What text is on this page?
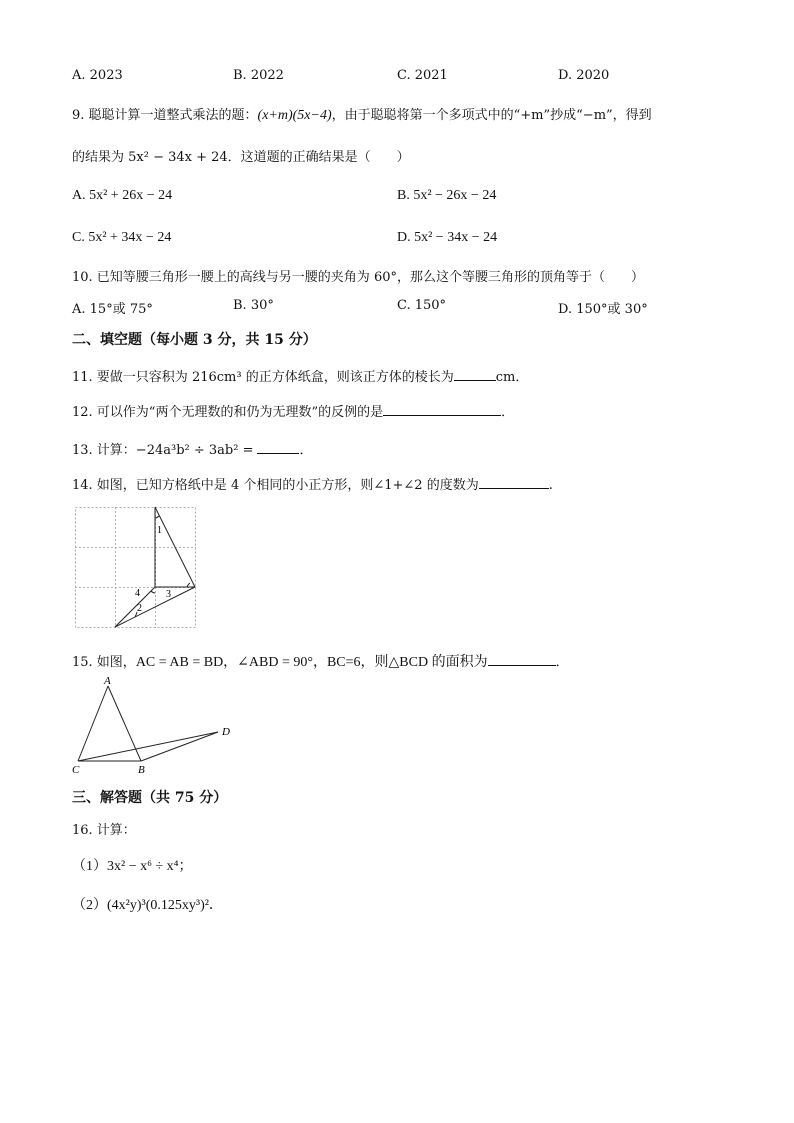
A. 2023	B. 2022	C. 2021	D. 2020
9. 聪聪计算一道整式乘法的题：(x+m)(5x−4)，由于聪聪将第一个多项式中的“+m”抄成“−m”，得到
的结果为 5x² − 34x + 24．这道题的正确结果是（　　）
A. 5x² + 26x − 24	B. 5x² − 26x − 24
C. 5x² + 34x − 24	D. 5x² − 34x − 24
10. 已知等腰三角形一腰上的高线与另一腰的夹角为 60°，那么这个等腰三角形的顶角等于（　　）
A. 15°或 75°	B. 30°	C. 150°	D. 150°或 30°
二、填空题（每小题 3 分，共 15 分）
11. 要做一只容积为 216cm³ 的正方体纸盒，则该正方体的棱长为	cm．
12. 可以作为“两个无理数的和仍为无理数”的反例的是	．
13. 计算：−24a³b² ÷ 3ab² =	．
14. 如图，已知方格纸中是 4 个相同的小正方形，则∠1+∠2 的度数为	.
1
2
3
4
15. 如图，AC = AB = BD，∠ABD = 90°，BC=6，则△BCD 的面积为	．
A
B
C
D
三、解答题（共 75 分）
16. 计算：
（1）3x² − x⁶ ÷ x⁴；
（2）(4x²y)³(0.125xy³)²．
